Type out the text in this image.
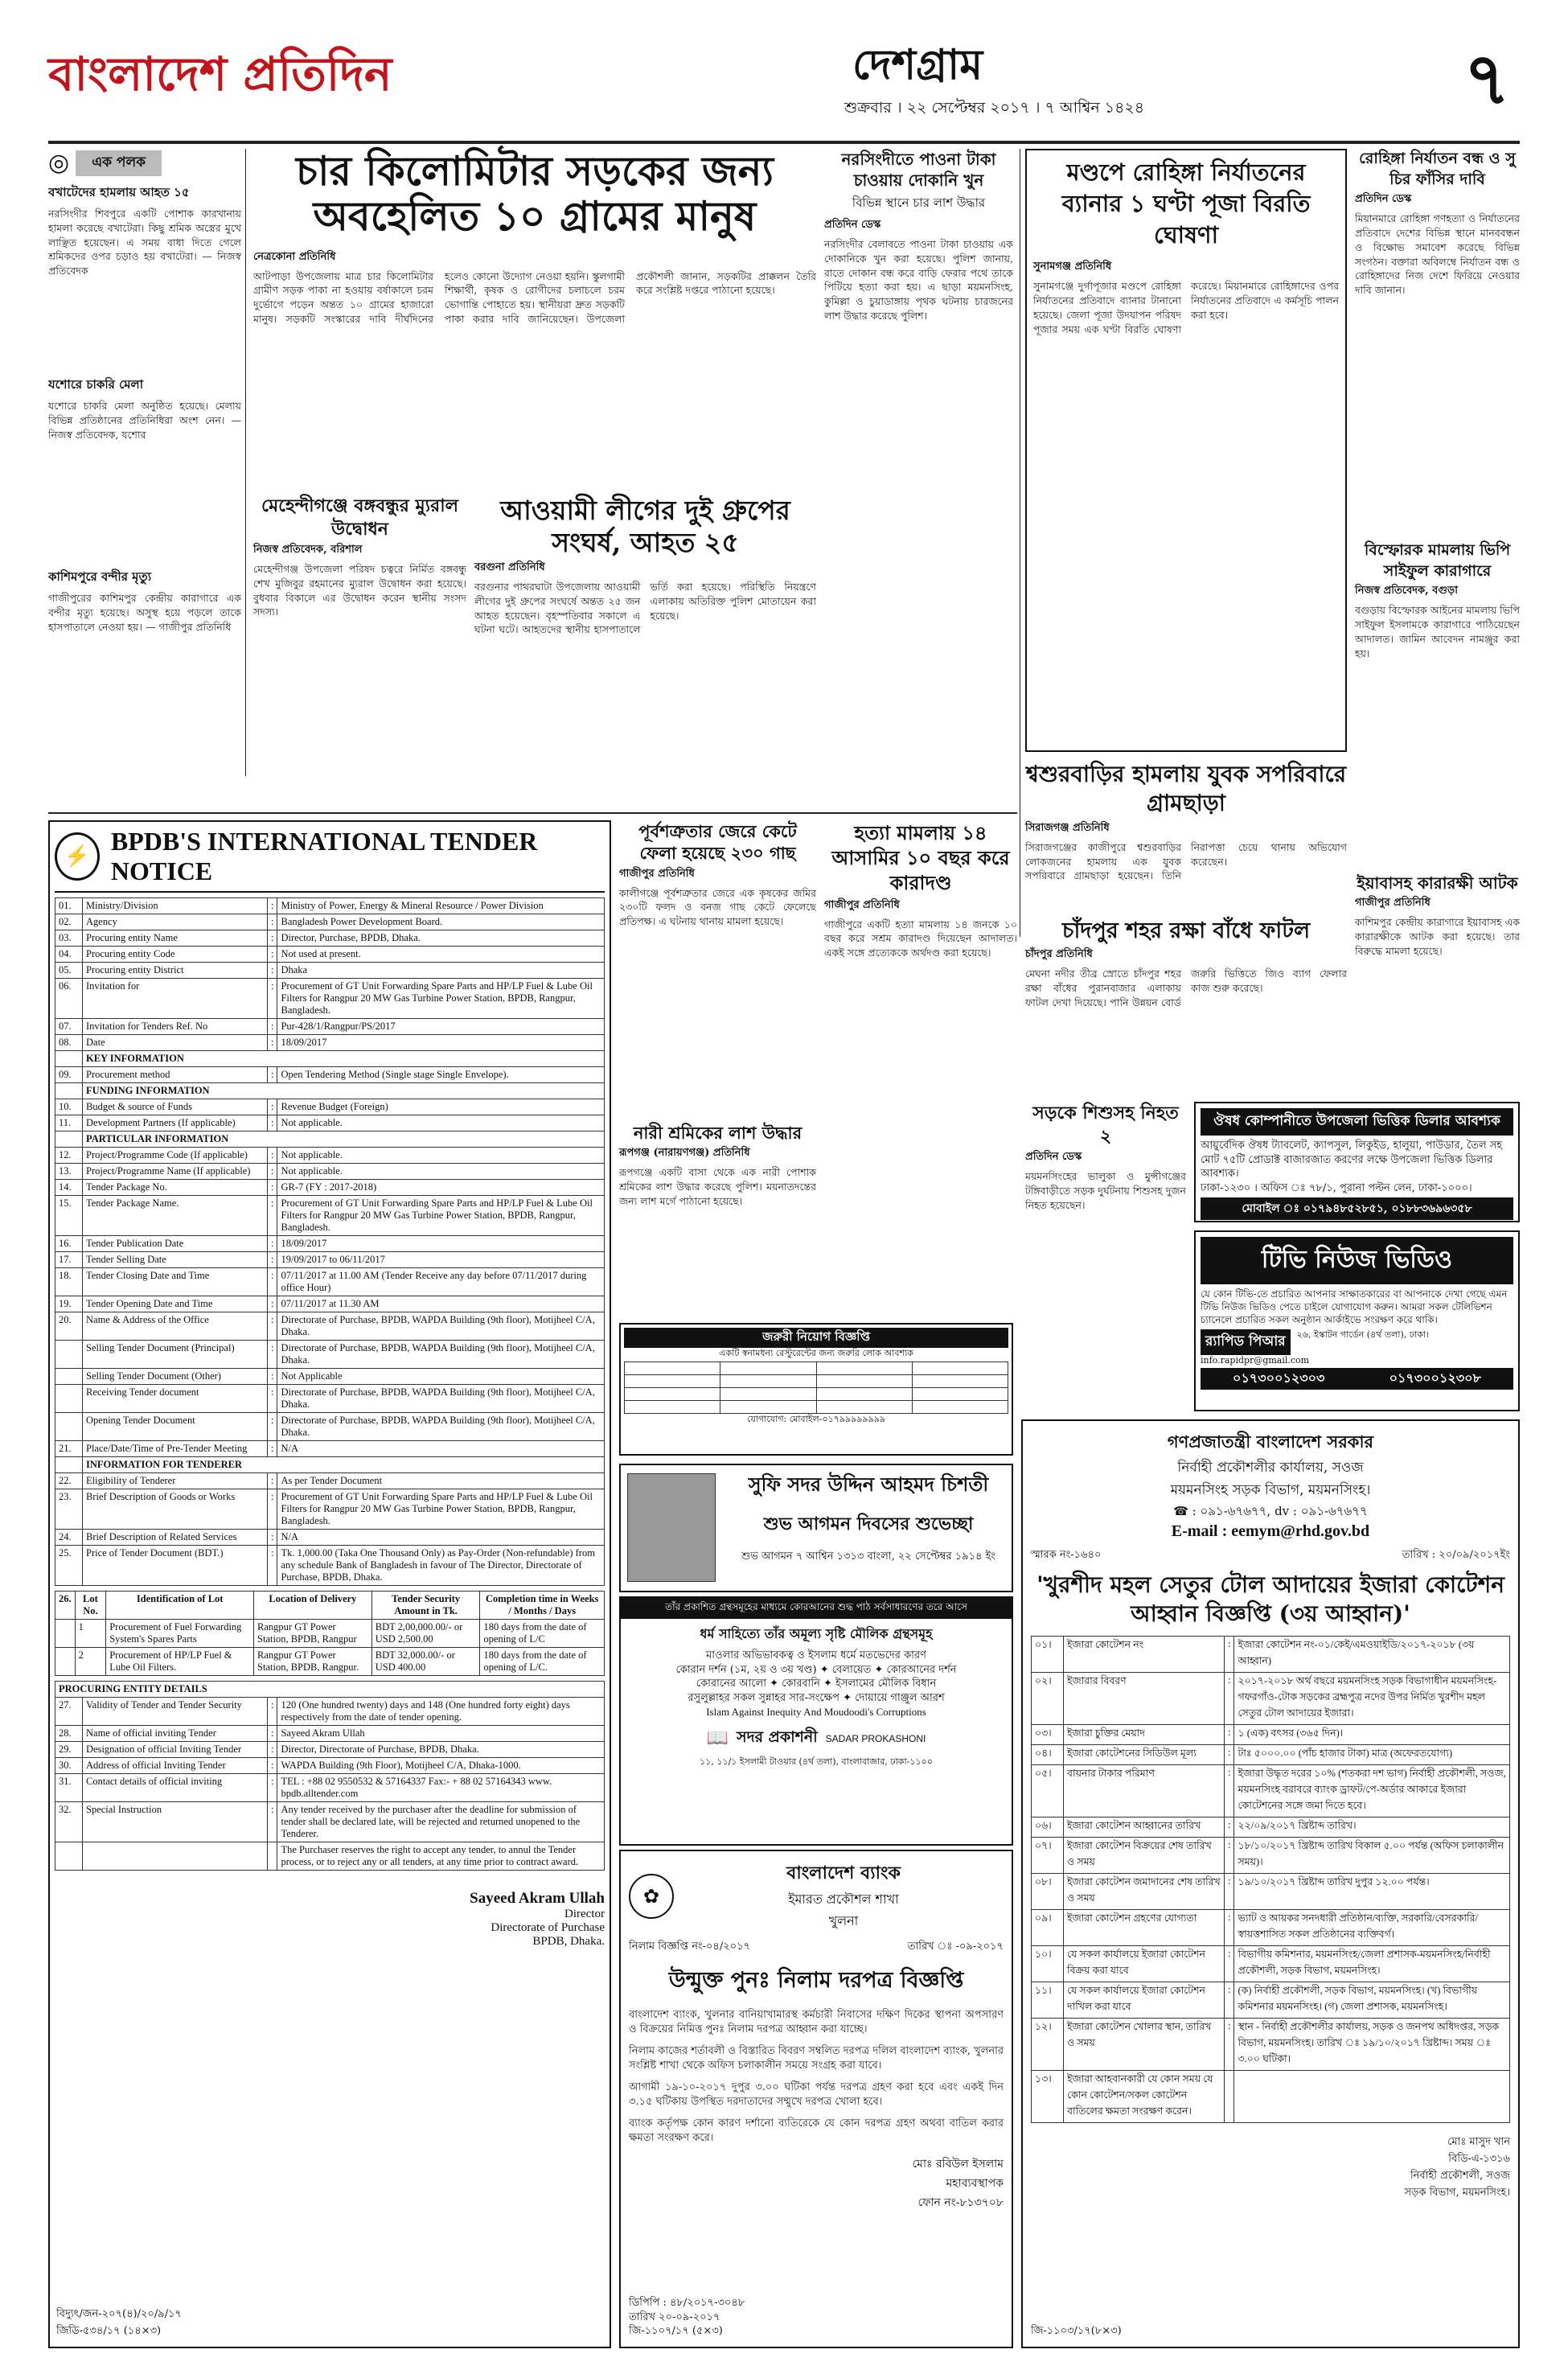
বাংলাদেশ প্রতিদিন	দেশগ্রাম
শুক্রবার । ২২ সেপ্টেম্বর ২০১৭ । ৭ আশ্বিন ১৪২৪	৭
◎	এক পলক
বখাটেদের হামলায় আহত ১৫
নরসিংদীর শিবপুরে একটি পোশাক কারখানায় হামলা করেছে বখাটেরা। কিছু শ্রমিক অস্ত্রের মুখে লাঞ্ছিত হয়েছেন। এ সময় বাধা দিতে গেলে শ্রমিকদের ওপর চড়াও হয় বখাটেরা। — নিজস্ব প্রতিবেদক
যশোরে চাকরি মেলা
যশোরে চাকরি মেলা অনুষ্ঠিত হয়েছে। মেলায় বিভিন্ন প্রতিষ্ঠানের প্রতিনিধিরা অংশ নেন। — নিজস্ব প্রতিবেদক, যশোর
কাশিমপুরে বন্দীর মৃত্যু
গাজীপুরের কাশিমপুর কেন্দ্রীয় কারাগারে এক বন্দীর মৃত্যু হয়েছে। অসুস্থ হয়ে পড়লে তাকে হাসপাতালে নেওয়া হয়। — গাজীপুর প্রতিনিধি
চার কিলোমিটার সড়কের জন্য
অবহেলিত ১০ গ্রামের মানুষ
নেত্রকোনা প্রতিনিধি
আটপাড়া উপজেলায় মাত্র চার কিলোমিটার গ্রামীণ সড়ক পাকা না হওয়ায় বর্ষাকালে চরম দুর্ভোগে পড়েন অন্তত ১০ গ্রামের হাজারো মানুষ। সড়কটি সংস্কারের দাবি দীর্ঘদিনের হলেও কোনো উদ্যোগ নেওয়া হয়নি। স্কুলগামী শিক্ষার্থী, কৃষক ও রোগীদের চলাচলে চরম ভোগান্তি পোহাতে হয়। স্থানীয়রা দ্রুত সড়কটি পাকা করার দাবি জানিয়েছেন। উপজেলা প্রকৌশলী জানান, সড়কটির প্রাক্কলন তৈরি করে সংশ্লিষ্ট দপ্তরে পাঠানো হয়েছে।
নরসিংদীতে পাওনা টাকা চাওয়ায় দোকানি খুন
বিভিন্ন স্থানে চার লাশ উদ্ধার
প্রতিদিন ডেস্ক
নরসিংদীর বেলাবতে পাওনা টাকা চাওয়ায় এক দোকানিকে খুন করা হয়েছে। পুলিশ জানায়, রাতে দোকান বন্ধ করে বাড়ি ফেরার পথে তাকে পিটিয়ে হত্যা করা হয়। এ ছাড়া ময়মনসিংহ, কুমিল্লা ও চুয়াডাঙ্গায় পৃথক ঘটনায় চারজনের লাশ উদ্ধার করেছে পুলিশ।
মণ্ডপে রোহিঙ্গা নির্যাতনের ব্যানার ১ ঘণ্টা পূজা বিরতি ঘোষণা
সুনামগঞ্জ প্রতিনিধি
সুনামগঞ্জে দুর্গাপূজার মণ্ডপে রোহিঙ্গা নির্যাতনের প্রতিবাদে ব্যানার টানানো হয়েছে। জেলা পূজা উদযাপন পরিষদ পূজার সময় এক ঘণ্টা বিরতি ঘোষণা করেছে। মিয়ানমারে রোহিঙ্গাদের ওপর নির্যাতনের প্রতিবাদে এ কর্মসূচি পালন করা হবে।
রোহিঙ্গা নির্যাতন বন্ধ ও সু চির ফাঁসির দাবি
প্রতিদিন ডেস্ক
মিয়ানমারে রোহিঙ্গা গণহত্যা ও নির্যাতনের প্রতিবাদে দেশের বিভিন্ন স্থানে মানববন্ধন ও বিক্ষোভ সমাবেশ করেছে বিভিন্ন সংগঠন। বক্তারা অবিলম্বে নির্যাতন বন্ধ ও রোহিঙ্গাদের নিজ দেশে ফিরিয়ে নেওয়ার দাবি জানান।
বিস্ফোরক মামলায় ভিপি সাইফুল কারাগারে
নিজস্ব প্রতিবেদক, বগুড়া
বগুড়ায় বিস্ফোরক আইনের মামলায় ভিপি সাইফুল ইসলামকে কারাগারে পাঠিয়েছেন আদালত। জামিন আবেদন নামঞ্জুর করা হয়।
মেহেন্দীগঞ্জে বঙ্গবন্ধুর ম্যুরাল উদ্বোধন
নিজস্ব প্রতিবেদক, বরিশাল
মেহেন্দীগঞ্জ উপজেলা পরিষদ চত্বরে নির্মিত বঙ্গবন্ধু শেখ মুজিবুর রহমানের ম্যুরাল উদ্বোধন করা হয়েছে। বুধবার বিকালে এর উদ্বোধন করেন স্থানীয় সংসদ সদস্য।
আওয়ামী লীগের দুই গ্রুপের
সংঘর্ষ, আহত ২৫
বরগুনা প্রতিনিধি
বরগুনার পাথরঘাটা উপজেলায় আওয়ামী লীগের দুই গ্রুপের সংঘর্ষে অন্তত ২৫ জন আহত হয়েছেন। বৃহস্পতিবার সকালে এ ঘটনা ঘটে। আহতদের স্থানীয় হাসপাতালে ভর্তি করা হয়েছে। পরিস্থিতি নিয়ন্ত্রণে এলাকায় অতিরিক্ত পুলিশ মোতায়েন করা হয়েছে।
শ্বশুরবাড়ির হামলায় যুবক সপরিবারে গ্রামছাড়া
সিরাজগঞ্জ প্রতিনিধি
সিরাজগঞ্জের কাজীপুরে শ্বশুরবাড়ির লোকজনের হামলায় এক যুবক সপরিবারে গ্রামছাড়া হয়েছেন। তিনি নিরাপত্তা চেয়ে থানায় অভিযোগ করেছেন।
⚡
BPDB'S INTERNATIONAL TENDER NOTICE
01.	Ministry/Division	:	Ministry of Power, Energy & Mineral Resource / Power Division
02.	Agency	:	Bangladesh Power Development Board.
03.	Procuring entity Name	:	Director, Purchase, BPDB, Dhaka.
04.	Procuring entity Code	:	Not used at present.
05.	Procuring entity District	:	Dhaka
06.	Invitation for	:	Procurement of GT Unit Forwarding Spare Parts and HP/LP Fuel & Lube Oil Filters for Rangpur 20 MW Gas Turbine Power Station, BPDB, Rangpur, Bangladesh.
07.	Invitation for Tenders Ref. No	:	Pur-428/1/Rangpur/PS/2017
08.	Date	:	18/09/2017
	KEY INFORMATION		
09.	Procurement method	:	Open Tendering Method (Single stage Single Envelope).
	FUNDING INFORMATION		
10.	Budget & source of Funds	:	Revenue Budget (Foreign)
11.	Development Partners (If applicable)	:	Not applicable.
	PARTICULAR INFORMATION		
12.	Project/Programme Code (If applicable)	:	Not applicable.
13.	Project/Programme Name (If applicable)	:	Not applicable.
14.	Tender Package No.	:	GR-7 (FY : 2017-2018)
15.	Tender Package Name.	:	Procurement of GT Unit Forwarding Spare Parts and HP/LP Fuel & Lube Oil Filters for Rangpur 20 MW Gas Turbine Power Station, BPDB, Rangpur, Bangladesh.
16.	Tender Publication Date	:	18/09/2017
17.	Tender Selling Date	:	19/09/2017 to 06/11/2017
18.	Tender Closing Date and Time	:	07/11/2017 at 11.00 AM (Tender Receive any day before 07/11/2017 during office Hour)
19.	Tender Opening Date and Time	:	07/11/2017 at 11.30 AM
20.	Name & Address of the Office	:	Directorate of Purchase, BPDB, WAPDA Building (9th floor), Motijheel C/A, Dhaka.
	Selling Tender Document (Principal)	:	Directorate of Purchase, BPDB, WAPDA Building (9th floor), Motijheel C/A, Dhaka.
	Selling Tender Document (Other)	:	Not Applicable
	Receiving Tender document	:	Directorate of Purchase, BPDB, WAPDA Building (9th floor), Motijheel C/A, Dhaka.
	Opening Tender Document	:	Directorate of Purchase, BPDB, WAPDA Building (9th floor), Motijheel C/A, Dhaka.
21.	Place/Date/Time of Pre-Tender Meeting	:	N/A
	INFORMATION FOR TENDERER		
22.	Eligibility of Tenderer	:	As per Tender Document
23.	Brief Description of Goods or Works	:	Procurement of GT Unit Forwarding Spare Parts and HP/LP Fuel & Lube Oil Filters for Rangpur 20 MW Gas Turbine Power Station, BPDB, Rangpur, Bangladesh.
24.	Brief Description of Related Services	:	N/A
25.	Price of Tender Document (BDT.)	:	Tk. 1,000.00 (Taka One Thousand Only) as Pay-Order (Non-refundable) from any schedule Bank of Bangladesh in favour of The Director, Directorate of Purchase, BPDB, Dhaka.
26.	Lot No.	Identification of Lot	Location of Delivery	Tender Security Amount in Tk.	Completion time in Weeks / Months / Days
	1	Procurement of Fuel Forwarding System's Spares Parts	Rangpur GT Power Station, BPDB, Rangpur	BDT 2,00,000.00/- or USD 2,500.00	180 days from the date of opening of L/C
	2	Procurement of HP/LP Fuel & Lube Oil Filters.	Rangpur GT Power Station, BPDB, Rangpur.	BDT 32,000.00/- or USD 400.00	180 days from the date of opening of L/C.
PROCURING ENTITY DETAILS			
27.	Validity of Tender and Tender Security	:	120 (One hundred twenty) days and 148 (One hundred forty eight) days respectively from the date of tender opening.
28.	Name of official inviting Tender	:	Sayeed Akram Ullah
29.	Designation of official Inviting Tender	:	Director, Directorate of Purchase, BPDB, Dhaka.
30.	Address of official Inviting Tender	:	WAPDA Building (9th Floor), Motijheel C/A, Dhaka-1000.
31.	Contact details of official inviting	:	TEL : +88 02 9550532 & 57164337 Fax:- + 88 02 57164343 www. bpdb.alltender.com
32.	Special Instruction	:	Any tender received by the purchaser after the deadline for submission of tender shall be declared late, will be rejected and returned unopened to the Tenderer.
			The Purchaser reserves the right to accept any tender, to annul the Tender process, or to reject any or all tenders, at any time prior to contract award.
Sayeed Akram Ullah
Director
Directorate of Purchase
BPDB, Dhaka.
বিদ্যুৎ/জন-২০৭(৪)/২০/৯/১৭
জিডি-৫৩৪/১৭ (১৪×৩)
পূর্বশত্রুতার জেরে কেটে ফেলা হয়েছে ২৩০ গাছ
গাজীপুর প্রতিনিধি
কালীগঞ্জে পূর্বশত্রুতার জেরে এক কৃষকের জমির ২৩০টি ফলদ ও বনজ গাছ কেটে ফেলেছে প্রতিপক্ষ। এ ঘটনায় থানায় মামলা হয়েছে।
নারী শ্রমিকের লাশ উদ্ধার
রূপগঞ্জ (নারায়ণগঞ্জ) প্রতিনিধি
রূপগঞ্জে একটি বাসা থেকে এক নারী পোশাক শ্রমিকের লাশ উদ্ধার করেছে পুলিশ। ময়নাতদন্তের জন্য লাশ মর্গে পাঠানো হয়েছে।
হত্যা মামলায় ১৪ আসামির ১০ বছর করে কারাদণ্ড
গাজীপুর প্রতিনিধি
গাজীপুরে একটি হত্যা মামলায় ১৪ জনকে ১০ বছর করে সশ্রম কারাদণ্ড দিয়েছেন আদালত। একই সঙ্গে প্রত্যেককে অর্থদণ্ড করা হয়েছে।
চাঁদপুর শহর রক্ষা বাঁধে ফাটল
চাঁদপুর প্রতিনিধি
মেঘনা নদীর তীব্র স্রোতে চাঁদপুর শহর রক্ষা বাঁধের পুরানবাজার এলাকায় ফাটল দেখা দিয়েছে। পানি উন্নয়ন বোর্ড জরুরি ভিত্তিতে জিও ব্যাগ ফেলার কাজ শুরু করেছে।
ইয়াবাসহ কারারক্ষী আটক
গাজীপুর প্রতিনিধি
কাশিমপুর কেন্দ্রীয় কারাগারে ইয়াবাসহ এক কারারক্ষীকে আটক করা হয়েছে। তার বিরুদ্ধে মামলা হয়েছে।
সড়কে শিশুসহ নিহত ২
প্রতিদিন ডেস্ক
ময়মনসিংহের ভালুকা ও মুন্সীগঞ্জের টঙ্গিবাড়ীতে সড়ক দুর্ঘটনায় শিশুসহ দুজন নিহত হয়েছেন।
ঔষধ কোম্পানীতে উপজেলা ভিত্তিক ডিলার আবশ্যক
আয়ুর্বেদিক ঔষধ ট্যাবলেট, ক্যাপসুল, লিকুইড, হালুয়া, পাউডার, তৈল সহ মোট ৭৫টি প্রোডাক্ট বাজারজাত করণের লক্ষে উপজেলা ভিত্তিক ডিলার আবশ্যক।
ঢাকা-১২৩০ । অফিস ঃ ৭৮/১, পুরানা পল্টন লেন, ঢাকা-১০০০।
মোবাইল ঃ ০১৭৯৪৮৫২৮৫১, ০১৮৮৩৬৯৬৩৫৮
টিভি নিউজ ভিডিও
যে কোন টিভি-তে প্রচারিত আপনার সাক্ষাতকারের বা আপনাকে দেখা গেছে এমন টিভি নিউজ ভিডিও পেতে চাইলে যোগাযোগ করুন। আমরা সকল টেলিভিশন চ্যানেলে প্রচারিত সকল অনুষ্ঠান আর্কাইভে সংরক্ষণ করে থাকি।
র‌্যাপিড পিআর	২৬, ইস্কাটন গার্ডেন (৪র্থ তলা), ঢাকা।
info.rapidpr@gmail.com
০১৭৩০০১২৩০৩	০১৭৩০০১২৩০৮
জরুরী নিয়োগ বিজ্ঞপ্তি
একটি স্বনামধন্য রেস্টুরেন্টের জন্য জরুরি লোক আবশ্যক

যোগাযোগ: মোবাইল-০১৭৯৯৯৯৯৯৯৯
সুফি সদর উদ্দিন আহমদ চিশতী
শুভ আগমন দিবসের শুভেচ্ছা
শুভ আগমন ৭ আশ্বিন ১৩১৩ বাংলা, ২২ সেপ্টেম্বর ১৯১৪ ইং
তাঁর প্রকাশিত গ্রন্থসমূহের মাধ্যমে কোরআনের শুদ্ধ পাঠ সর্বসাধারণের তরে আসে
ধর্ম সাহিত্যে তাঁর অমূল্য সৃষ্টি মৌলিক গ্রন্থসমূহ
মাওলার অভিভাবকত্ব ও ইসলাম ধর্মে মতভেদের কারণ
কোরান দর্শন (১ম, ২য় ও ৩য় খণ্ড) ✦ বেলায়েত ✦ কোরআনের দর্শন
কোরানের আলো ✦ কোরবানি ✦ ইসলামের মৌলিক বিধান
রসুলুল্লাহর সকল সুন্নাহর সার-সংক্ষেপ ✦ দোয়ায়ে গাঞ্জুল আরশ
Islam Against Inequity And Moudoodi's Corruptions
📖 সদর প্রকাশনী SADAR PROKASHONI
১১, ১১/১ ইসলামী টাওয়ার (৪র্থ তলা), বাংলাবাজার, ঢাকা-১১০০
✿
বাংলাদেশ ব্যাংক
ইমারত প্রকৌশল শাখা
খুলনা
নিলাম বিজ্ঞপ্তি নং-০৪/২০১৭	তারিখ ঃ -০৯-২০১৭
উন্মুক্ত পুনঃ নিলাম দরপত্র বিজ্ঞপ্তি
বাংলাদেশ ব্যাংক, খুলনার বানিয়াখামারস্থ কর্মচারী নিবাসের দক্ষিণ দিকের স্থাপনা অপসারণ ও বিক্রয়ের নিমিত্ত পুনঃ নিলাম দরপত্র আহ্বান করা যাচ্ছে।
নিলাম কাজের শর্তাবলী ও বিস্তারিত বিবরণ সম্বলিত দরপত্র দলিল বাংলাদেশ ব্যাংক, খুলনার সংশ্লিষ্ট শাখা থেকে অফিস চলাকালীন সময়ে সংগ্রহ করা যাবে।
আগামী ১৯-১০-২০১৭ দুপুর ৩.০০ ঘটিকা পর্যন্ত দরপত্র গ্রহণ করা হবে এবং একই দিন ৩.১৫ ঘটিকায় উপস্থিত দরদাতাদের সম্মুখে দরপত্র খোলা হবে।
ব্যাংক কর্তৃপক্ষ কোন কারণ দর্শানো ব্যতিরেকে যে কোন দরপত্র গ্রহণ অথবা বাতিল করার ক্ষমতা সংরক্ষণ করে।
মোঃ রবিউল ইসলাম
মহাব্যবস্থাপক
ফোন নং-৮১৩৭০৮
ডিপিপি : ৪৮/২০১৭-৩০৪৮
তারিখ ২০-০৯-২০১৭
জি-১১০৭/১৭ (৫×৩)
গণপ্রজাতন্ত্রী বাংলাদেশ সরকার
নির্বাহী প্রকৌশলীর কার্যালয়, সওজ
ময়মনসিংহ সড়ক বিভাগ, ময়মনসিংহ।
☎ : ০৯১-৬৭৬৭৭, dv : ০৯১-৬৭৬৭৭
E-mail : eemym@rhd.gov.bd
স্মারক নং-১৬৪০	তারিখ : ২০/০৯/২০১৭ইং
'খুরশীদ মহল সেতুর টোল আদায়ের ইজারা কোটেশন আহ্বান বিজ্ঞপ্তি (৩য় আহ্বান)'
০১।	ইজারা কোটেশন নং	:	ইজারা কোটেশন নং-০১/কেই/এমওয়াইডি/২০১৭-২০১৮ (৩য় আহ্বান)
০২।	ইজারার বিবরণ	:	২০১৭-২০১৮ অর্থ বছরে ময়মনসিংহ সড়ক বিভাগাধীন ময়মনসিংহ-গফরগাঁও-টোক সড়কের ব্রহ্মপুত্র নদের উপর নির্মিত খুরশীদ মহল সেতুর টোল আদায়ের ইজারা।
০৩।	ইজারা চুক্তির মেয়াদ	:	১ (এক) বৎসর (৩৬৫ দিন)।
০৪।	ইজারা কোটেশনের সিডিউল মূল্য	:	টাঃ ৫০০০.০০ (পাঁচ হাজার টাকা) মাত্র (অফেরতযোগ্য)
০৫।	বায়নার টাকার পরিমাণ	:	ইজারা উদ্ধৃত দরের ১০% (শতকরা দশ ভাগ) নির্বাহী প্রকৌশলী, সওজ, ময়মনসিংহ বরাবরে ব্যাংক ড্রাফট/পে-অর্ডার আকারে ইজারা কোটেশনের সঙ্গে জমা দিতে হবে।
০৬।	ইজারা কোটেশন আহ্বানের তারিখ	:	২২/০৯/২০১৭ খ্রিষ্টাব্দ তারিখ।
০৭।	ইজারা কোটেশন বিক্রয়ের শেষ তারিখ ও সময়	:	১৮/১০/২০১৭ খ্রিষ্টাব্দ তারিখ বিকাল ৫.০০ পর্যন্ত (অফিস চলাকালীন সময়)।
০৮।	ইজারা কোটেশন জমাদানের শেষ তারিখ ও সময়	:	১৯/১০/২০১৭ খ্রিষ্টাব্দ তারিখ দুপুর ১২.০০ পর্যন্ত।
০৯।	ইজারা কোটেশন গ্রহণের যোগ্যতা	:	ভ্যাট ও আয়কর সনদধারী প্রতিষ্ঠান/ব্যক্তি, সরকারি/বেসরকারি/স্বায়ত্তশাসিত সকল প্রতিষ্ঠানের ব্যক্তিবর্গ।
১০।	যে সকল কার্যালয়ে ইজারা কোটেশন বিক্রয় করা যাবে	:	বিভাগীয় কমিশনার, ময়মনসিংহ/জেলা প্রশাসক-ময়মনসিংহ/নির্বাহী প্রকৌশলী, সড়ক বিভাগ, ময়মনসিংহ।
১১।	যে সকল কার্যালয়ে ইজারা কোটেশন দাখিল করা যাবে	:	(ক) নির্বাহী প্রকৌশলী, সড়ক বিভাগ, ময়মনসিংহ। (খ) বিভাগীয় কমিশনার ময়মনসিংহ। (গ) জেলা প্রশাসক, ময়মনসিংহ।
১২।	ইজারা কোটেশন খোলার স্থান, তারিখ ও সময়	:	স্থান - নির্বাহী প্রকৌশলীর কার্যালয়, সড়ক ও জনপথ অধিদপ্তর, সড়ক বিভাগ, ময়মনসিংহ। তারিখ ঃ ১৯/১০/২০১৭ খ্রিষ্টাব্দ। সময় ঃ ৩.০০ ঘটিকা।
১৩।	ইজারা আহবানকারী যে কোন সময় যে কোন কোটেশন/সকল কোটেশন বাতিলের ক্ষমতা সংরক্ষণ করেন।		
মোঃ মাসুদ খান
বিডি-এ-১৩১৬
নির্বাহী প্রকৌশলী, সওজ
সড়ক বিভাগ, ময়মনসিংহ।
জি-১১০৩/১৭(৮×৩)
